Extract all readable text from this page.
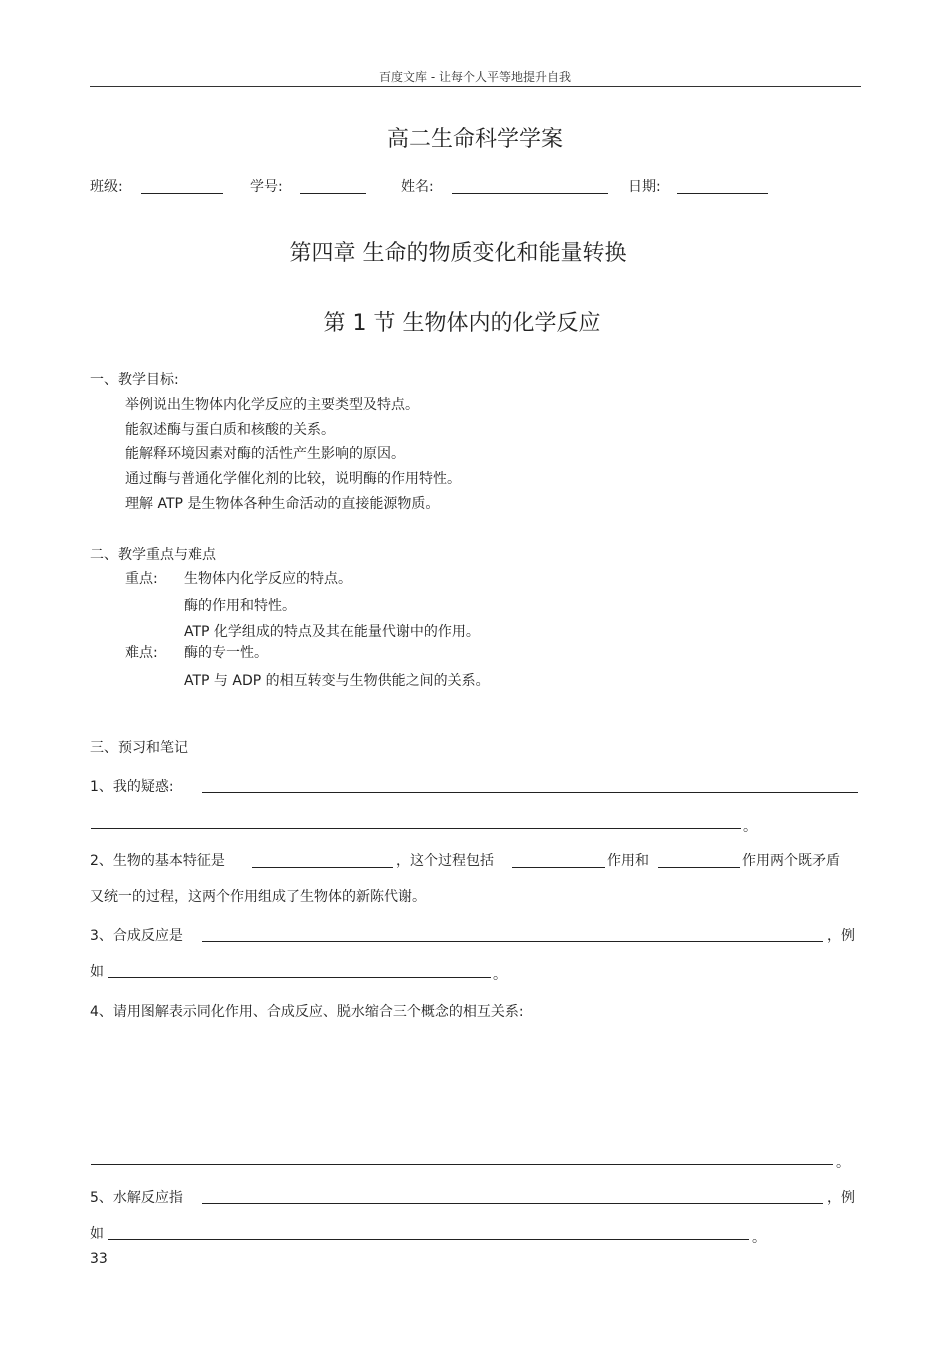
百度文库 - 让每个人平等地提升自我
高二生命科学学案
班级:	学号:	姓名:	日期:
第四章 生命的物质变化和能量转换
第 1 节 生物体内的化学反应
一、教学目标:
举例说出生物体内化学反应的主要类型及特点。
能叙述酶与蛋白质和核酸的关系。
能解释环境因素对酶的活性产生影响的原因。
通过酶与普通化学催化剂的比较，说明酶的作用特性。
理解 ATP 是生物体各种生命活动的直接能源物质。
二、教学重点与难点
重点: 生物体内化学反应的特点。
酶的作用和特性。
ATP 化学组成的特点及其在能量代谢中的作用。
难点: 酶的专一性。
ATP 与 ADP 的相互转变与生物供能之间的关系。
三、预习和笔记
1、我的疑惑:
。
2、生物的基本特征是	，这个过程包括	作用和	作用两个既矛盾
又统一的过程，这两个作用组成了生物体的新陈代谢。
3、合成反应是	，例
如	。
4、请用图解表示同化作用、合成反应、脱水缩合三个概念的相互关系:
。
5、水解反应指	，例
如	。
33
